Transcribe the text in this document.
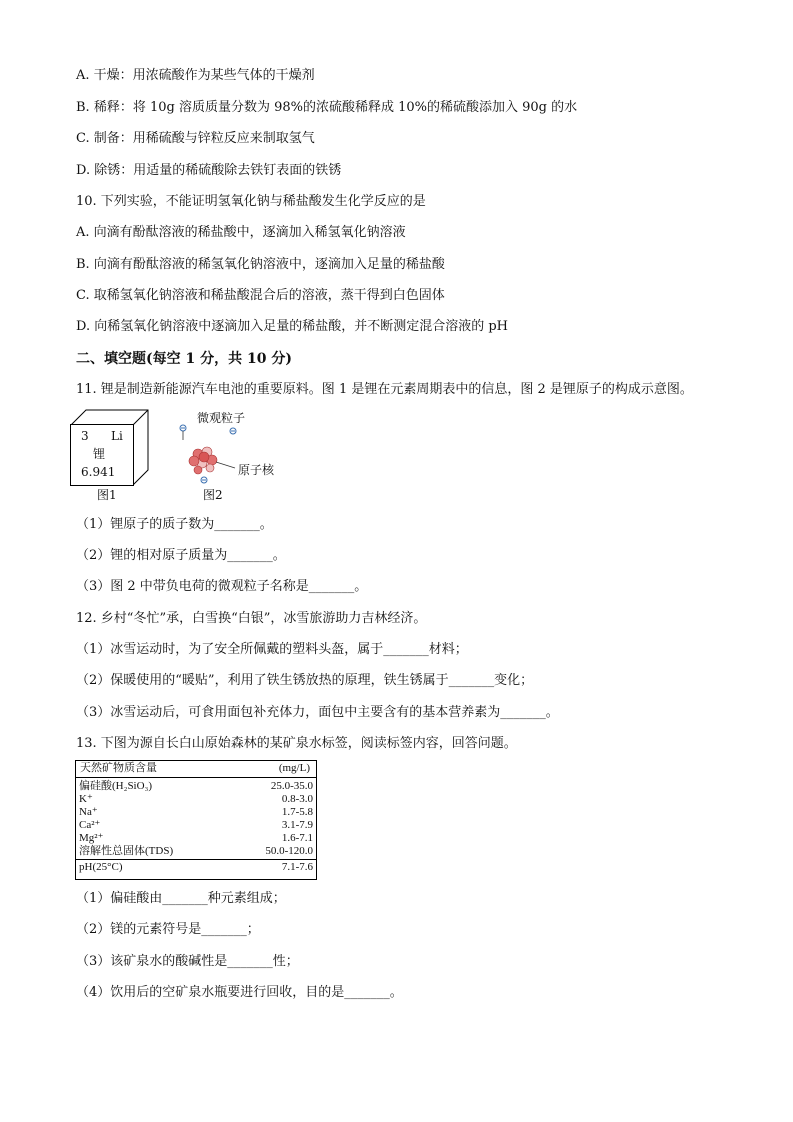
A. 干燥：用浓硫酸作为某些气体的干燥剂
B. 稀释：将 10g 溶质质量分数为 98%的浓硫酸稀释成 10%的稀硫酸添加入 90g 的水
C. 制备：用稀硫酸与锌粒反应来制取氢气
D. 除锈：用适量的稀硫酸除去铁钉表面的铁锈
10. 下列实验，不能证明氢氧化钠与稀盐酸发生化学反应的是
A. 向滴有酚酞溶液的稀盐酸中，逐滴加入稀氢氧化钠溶液
B. 向滴有酚酞溶液的稀氢氧化钠溶液中，逐滴加入足量的稀盐酸
C. 取稀氢氧化钠溶液和稀盐酸混合后的溶液，蒸干得到白色固体
D. 向稀氢氧化钠溶液中逐滴加入足量的稀盐酸，并不断测定混合溶液的 pH
二、填空题(每空 1 分，共 10 分)
11. 锂是制造新能源汽车电池的重要原料。图 1 是锂在元素周期表中的信息，图 2 是锂原子的构成示意图。
3 Li
锂
6.941
图1
微观粒子
原子核
图2
（1）锂原子的质子数为_______。
（2）锂的相对原子质量为_______。
（3）图 2 中带负电荷的微观粒子名称是_______。
12. 乡村“冬忙”承，白雪换“白银”，冰雪旅游助力吉林经济。
（1）冰雪运动时，为了安全所佩戴的塑料头盔，属于_______材料；
（2）保暖使用的“暖贴”，利用了铁生锈放热的原理，铁生锈属于_______变化；
（3）冰雪运动后，可食用面包补充体力，面包中主要含有的基本营养素为_______。
13. 下图为源自长白山原始森林的某矿泉水标签，阅读标签内容，回答问题。
天然矿物质含量	(mg/L)
偏硅酸(H₂SiO₃)	25.0-35.0
K⁺	0.8-3.0
Na⁺	1.7-5.8
Ca²⁺	3.1-7.9
Mg²⁺	1.6-7.1
溶解性总固体(TDS)	50.0-120.0
pH(25°C)	7.1-7.6
（1）偏硅酸由_______种元素组成；
（2）镁的元素符号是_______；
（3）该矿泉水的酸碱性是_______性；
（4）饮用后的空矿泉水瓶要进行回收，目的是_______。
